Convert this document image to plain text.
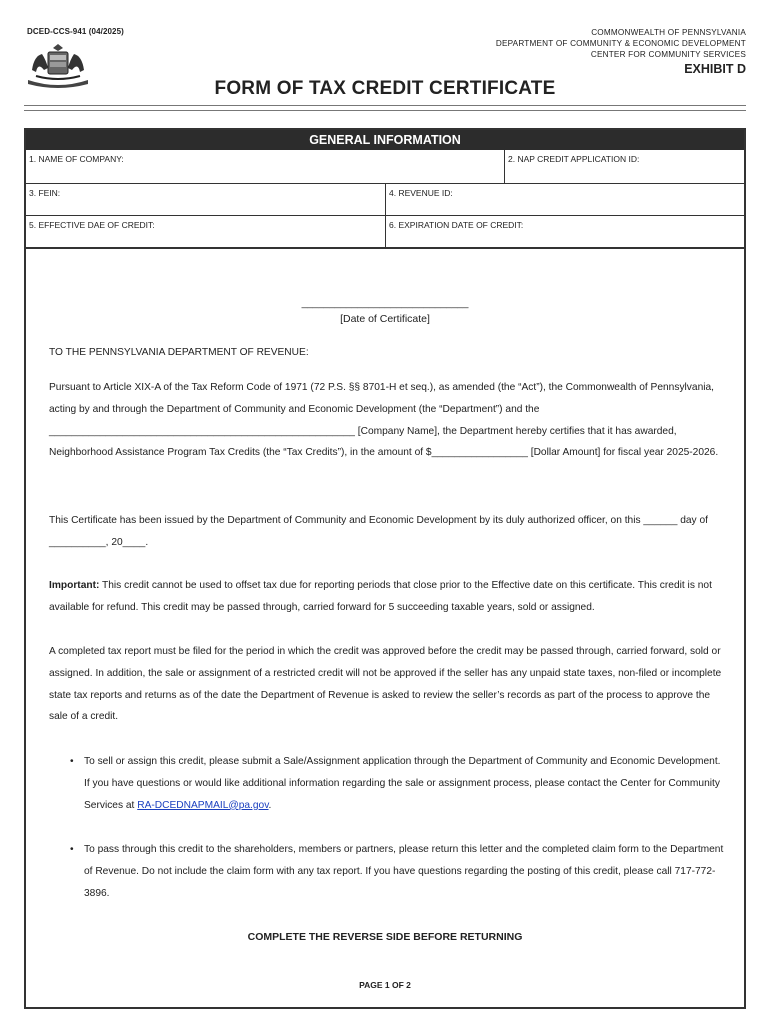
DCED-CCS-941 (04/2025)	COMMONWEALTH OF PENNSYLVANIA
DEPARTMENT OF COMMUNITY & ECONOMIC DEVELOPMENT
CENTER FOR COMMUNITY SERVICES
EXHIBIT D
FORM OF TAX CREDIT CERTIFICATE
GENERAL INFORMATION
1. NAME OF COMPANY:	2. NAP CREDIT APPLICATION ID:
3. FEIN:	4. REVENUE ID:
5. EFFECTIVE DAE OF CREDIT:	6. EXPIRATION DATE OF CREDIT:
______________________________
[Date of Certificate]
TO THE PENNSYLVANIA DEPARTMENT OF REVENUE:

Pursuant to Article XIX-A of the Tax Reform Code of 1971 (72 P.S. §§ 8701-H et seq.), as amended (the “Act”), the Commonwealth of Pennsylvania, acting by and through the Department of Community and Economic Development (the “Department”) and the ______________________________________________________ [Company Name], the Department hereby certifies that it has awarded, Neighborhood Assistance Program Tax Credits (the “Tax Credits”), in the amount of $_________________ [Dollar Amount] for fiscal year 2025-2026.

This Certificate has been issued by the Department of Community and Economic Development by its duly authorized officer, on this ______ day of __________, 20____.

Important: This credit cannot be used to offset tax due for reporting periods that close prior to the Effective date on this certificate. This credit is not available for refund. This credit may be passed through, carried forward for 5 succeeding taxable years, sold or assigned.

A completed tax report must be filed for the period in which the credit was approved before the credit may be passed through, carried forward, sold or assigned. In addition, the sale or assignment of a restricted credit will not be approved if the seller has any unpaid state taxes, non-filed or incomplete state tax reports and returns as of the date the Department of Revenue is asked to review the seller’s records as part of the process to approve the sale of a credit.

• To sell or assign this credit, please submit a Sale/Assignment application through the Department of Community and Economic Development. If you have questions or would like additional information regarding the sale or assignment process, please contact the Center for Community Services at RA-DCEDNAPMAIL@pa.gov.
• To pass through this credit to the shareholders, members or partners, please return this letter and the completed claim form to the Department of Revenue. Do not include the claim form with any tax report. If you have questions regarding the posting of this credit, please call 717-772-3896.
COMPLETE THE REVERSE SIDE BEFORE RETURNING
PAGE 1 OF 2
